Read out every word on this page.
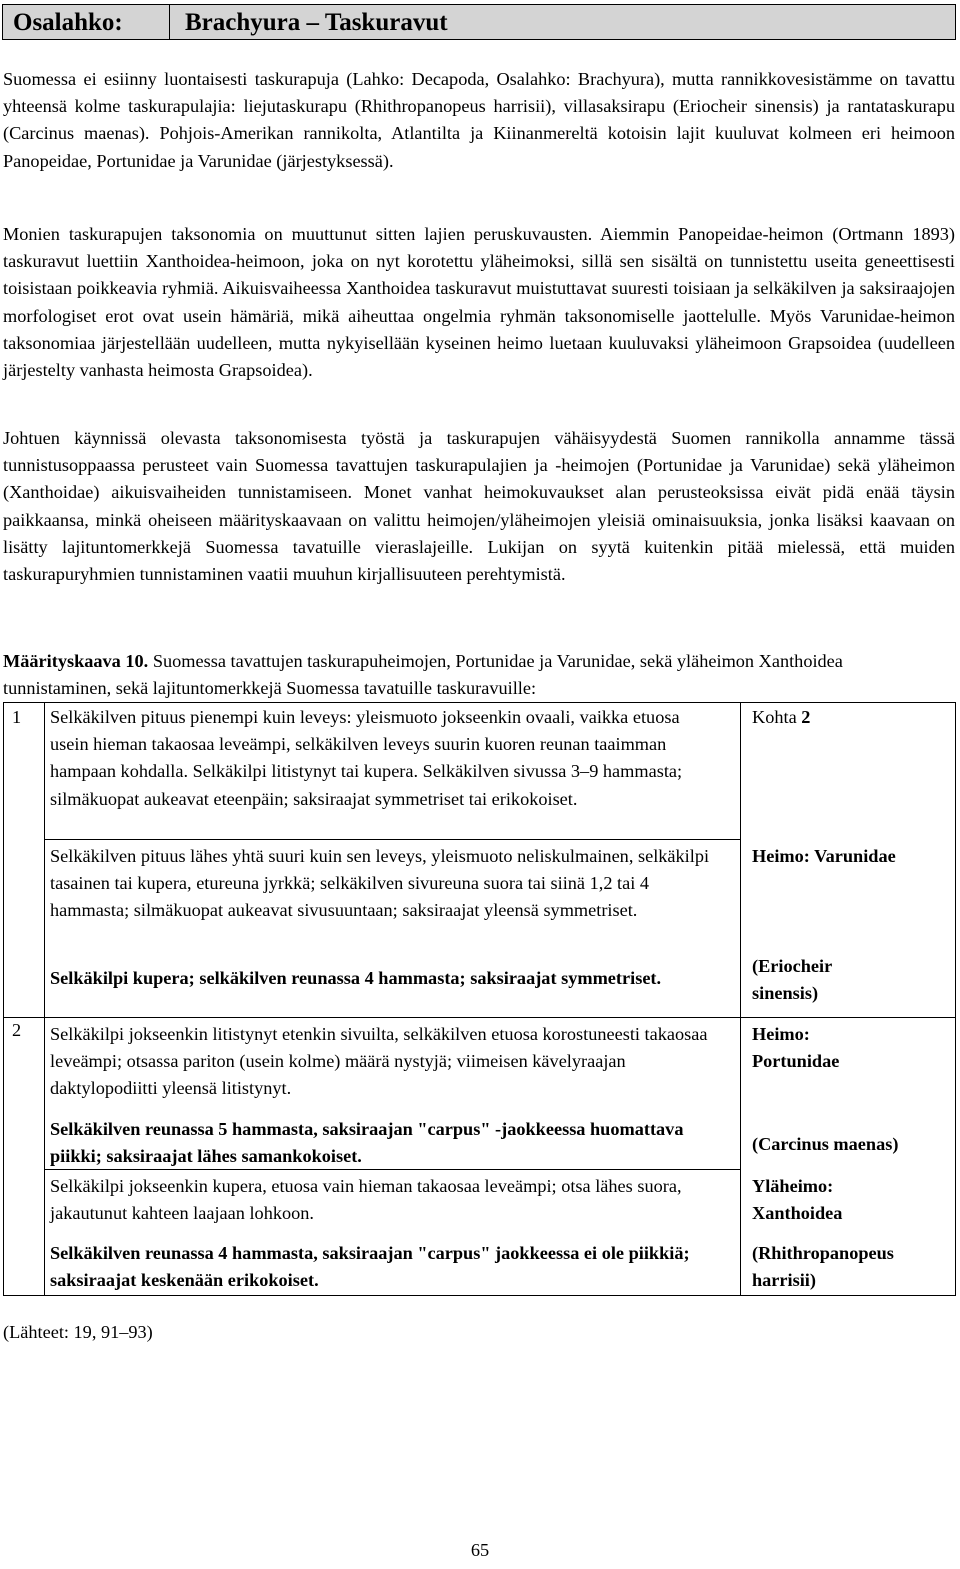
Osalahko: Brachyura – Taskuravut

Suomessa ei esiinny luontaisesti taskurapuja (Lahko: Decapoda, Osalahko: Brachyura), mutta rannikkovesistämme on tavattu yhteensä kolme taskurapulajia: liejutaskurapu (Rhithropanopeus harrisii), villasaksirapu (Eriocheir sinensis) ja rantataskurapu (Carcinus maenas). Pohjois-Amerikan rannikolta, Atlantilta ja Kiinanmereltä kotoisin lajit kuuluvat kolmeen eri heimoon Panopeidae, Portunidae ja Varunidae (järjestyksessä).

Monien taskurapujen taksonomia on muuttunut sitten lajien peruskuvausten. Aiemmin Panopeidae-heimon (Ortmann 1893) taskuravut luettiin Xanthoidea-heimoon, joka on nyt korotettu yläheimoksi, sillä sen sisältä on tunnistettu useita geneettisesti toisistaan poikkeavia ryhmiä. Aikuisvaiheessa Xanthoidea taskuravut muistuttavat suuresti toisiaan ja selkäkilven ja saksiraajojen morfologiset erot ovat usein hämäriä, mikä aiheuttaa ongelmia ryhmän taksonomiselle jaottelulle. Myös Varunidae-heimon taksonomiaa järjestellään uudelleen, mutta nykyisellään kyseinen heimo luetaan kuuluvaksi yläheimoon Grapsoidea (uudelleen järjestelty vanhasta heimosta Grapsoidea).

Johtuen käynnissä olevasta taksonomisesta työstä ja taskurapujen vähäisyydestä Suomen rannikolla annamme tässä tunnistusoppaassa perusteet vain Suomessa tavattujen taskurapulajien ja -heimojen (Portunidae ja Varunidae) sekä yläheimon (Xanthoidae) aikuisvaiheiden tunnistamiseen. Monet vanhat heimokuvaukset alan perusteoksissa eivät pidä enää täysin paikkaansa, minkä oheiseen määrityskaavaan on valittu heimojen/yläheimojen yleisiä ominaisuuksia, jonka lisäksi kaavaan on lisätty lajituntomerkkejä Suomessa tavatuille vieraslajeille. Lukijan on syytä kuitenkin pitää mielessä, että muiden taskurapuryhmien tunnistaminen vaatii muuhun kirjallisuuteen perehtymistä.

Määrityskaava 10. Suomessa tavattujen taskurapuheimojen, Portunidae ja Varunidae, sekä yläheimon Xanthoidea tunnistaminen, sekä lajituntomerkkejä Suomessa tavatuille taskuravuille:

1
2
Selkäkilven pituus pienempi kuin leveys: yleismuoto jokseenkin ovaali, vaikka etuosa usein hieman takaosaa leveämpi, selkäkilven leveys suurin kuoren reunan taaimman hampaan kohdalla. Selkäkilpi litistynyt tai kupera. Selkäkilven sivussa 3–9 hammasta; silmäkuopat aukeavat eteenpäin; saksiraajat symmetriset tai erikokoiset.
Kohta 2
Selkäkilven pituus lähes yhtä suuri kuin sen leveys, yleismuoto neliskulmainen, selkäkilpi tasainen tai kupera, etureuna jyrkkä; selkäkilven sivureuna suora tai siinä 1,2 tai 4 hammasta; silmäkuopat aukeavat sivusuuntaan; saksiraajat yleensä symmetriset.
Heimo: Varunidae
Selkäkilpi kupera; selkäkilven reunassa 4 hammasta; saksiraajat symmetriset.
(Eriocheir sinensis)
Selkäkilpi jokseenkin litistynyt etenkin sivuilta, selkäkilven etuosa korostuneesti takaosaa leveämpi; otsassa pariton (usein kolme) määrä nystyjä; viimeisen kävelyraajan daktylopodiitti yleensä litistynyt.
Heimo: Portunidae
Selkäkilven reunassa 5 hammasta, saksiraajan "carpus" -jaokkeessa huomattava piikki; saksiraajat lähes samankokoiset.
(Carcinus maenas)
Selkäkilpi jokseenkin kupera, etuosa vain hieman takaosaa leveämpi; otsa lähes suora, jakautunut kahteen laajaan lohkoon.
Yläheimo: Xanthoidea
Selkäkilven reunassa 4 hammasta, saksiraajan "carpus" jaokkeessa ei ole piikkiä; saksiraajat keskenään erikokoiset.
(Rhithropanopeus harrisii)
(Lähteet: 19, 91–93)
65
